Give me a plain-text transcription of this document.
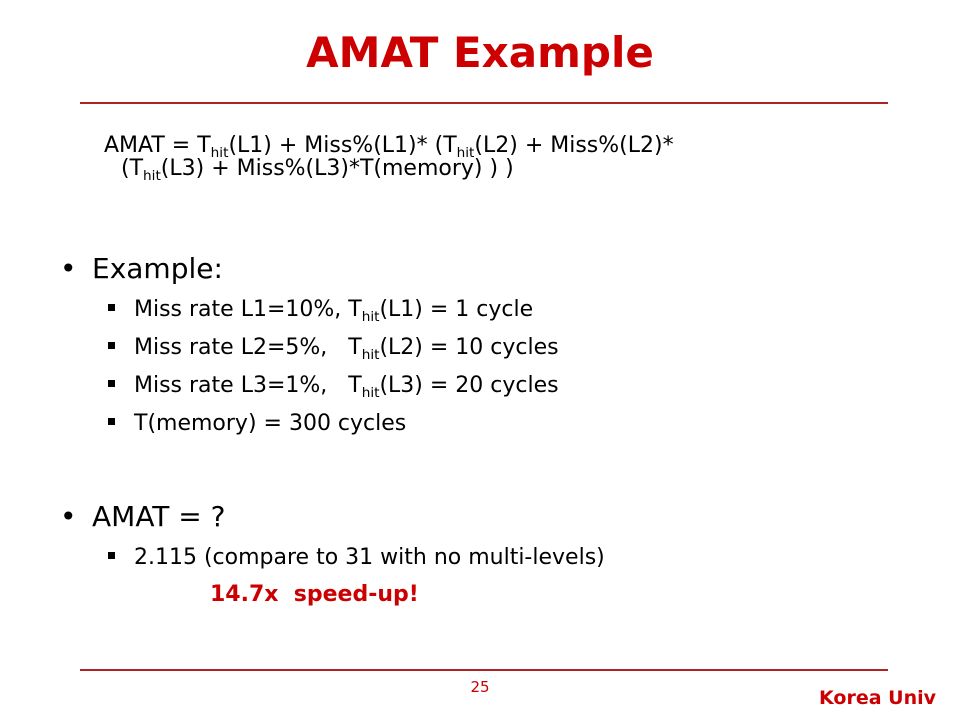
AMAT Example
AMAT = $T_{hit}(L1)$ + Miss%(L1)* ($T_{hit}(L2)$ + Miss%(L2)*
($T_{hit}(L3)$ + Miss%(L3)*T(memory) ) )
• Example:
Miss rate L1=10%, $T_{hit}(L1) = 1$ cycle
Miss rate L2=5%,   $T_{hit}(L2) = 10$ cycles
Miss rate L3=1%,   $T_{hit}(L3) = 20$ cycles
T(memory) = 300 cycles
• AMAT = ?
2.115 (compare to 31 with no multi-levels)
14.7x  speed-up!
25	Korea Univ
